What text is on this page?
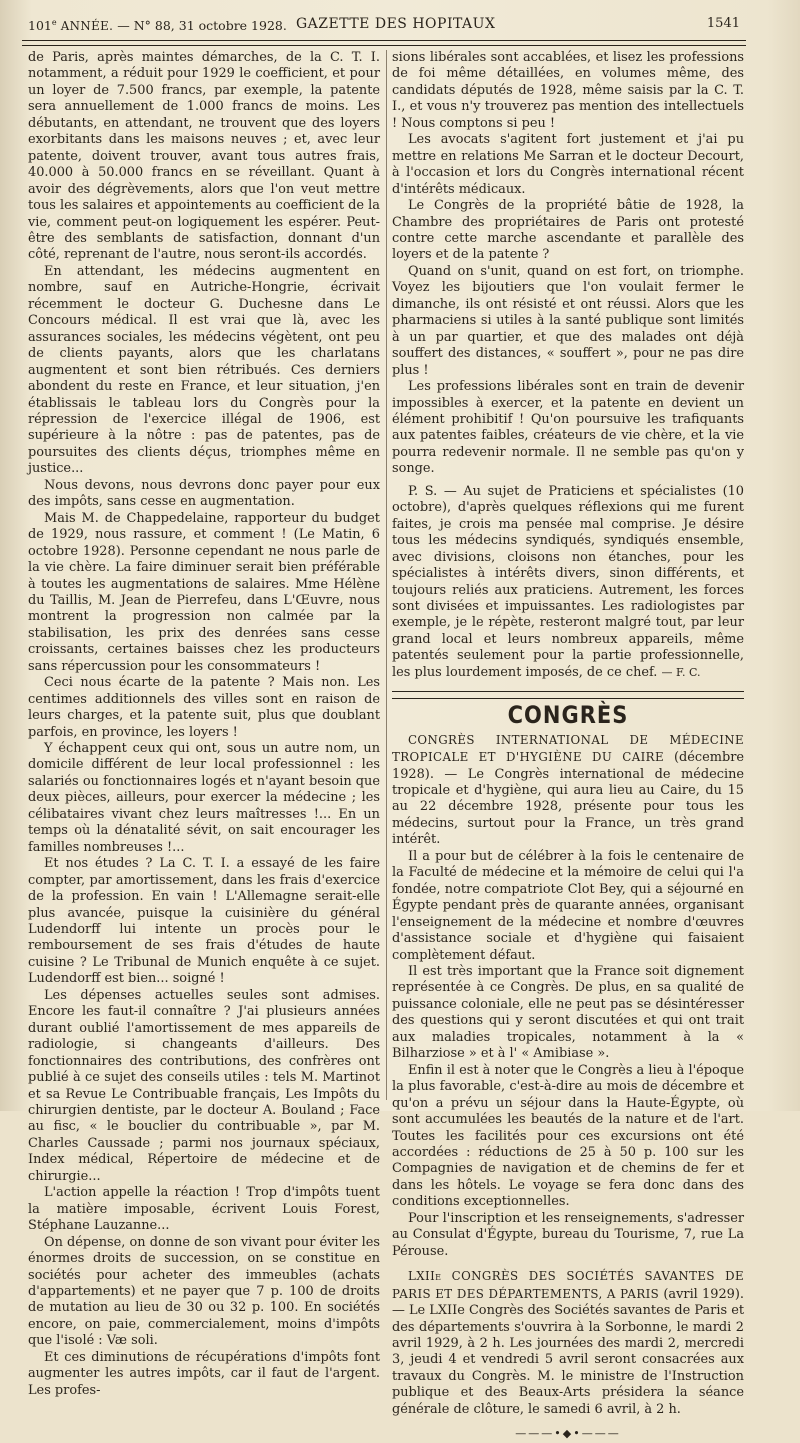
101e ANNÉE. — N° 88, 31 octobre 1928. GAZETTE DES HOPITAUX	1541

de Paris, après maintes démarches, de la C. T. I. notamment, a réduit pour 1929 le coefficient, et pour un loyer de 7.500 francs, par exemple, la patente sera annuellement de 1.000 francs de moins. Les débutants, en attendant, ne trouvent que des loyers exorbitants dans les maisons neuves ; et, avec leur patente, doivent trouver, avant tous autres frais, 40.000 à 50.000 francs en se réveillant. Quant à avoir des dégrèvements, alors que l'on veut mettre tous les salaires et appointements au coefficient de la vie, comment peut-on logiquement les espérer. Peut-être des semblants de satisfaction, donnant d'un côté, reprenant de l'autre, nous seront-ils accordés.

En attendant, les médecins augmentent en nombre, sauf en Autriche-Hongrie, écrivait récemment le docteur G. Duchesne dans Le Concours médical. Il est vrai que là, avec les assurances sociales, les médecins végètent, ont peu de clients payants, alors que les charlatans augmentent et sont bien rétribués. Ces derniers abondent du reste en France, et leur situation, j'en établissais le tableau lors du Congrès pour la répression de l'exercice illégal de 1906, est supérieure à la nôtre : pas de patentes, pas de poursuites des clients déçus, triomphes même en justice...

Nous devons, nous devrons donc payer pour eux des impôts, sans cesse en augmentation.

Mais M. de Chappedelaine, rapporteur du budget de 1929, nous rassure, et comment ! (Le Matin, 6 octobre 1928). Personne cependant ne nous parle de la vie chère. La faire diminuer serait bien préférable à toutes les augmentations de salaires. Mme Hélène du Taillis, M. Jean de Pierrefeu, dans L'Œuvre, nous montrent la progression non calmée par la stabilisation, les prix des denrées sans cesse croissants, certaines baisses chez les producteurs sans répercussion pour les consommateurs !

Ceci nous écarte de la patente ? Mais non. Les centimes additionnels des villes sont en raison de leurs charges, et la patente suit, plus que doublant parfois, en province, les loyers !

Y échappent ceux qui ont, sous un autre nom, un domicile différent de leur local professionnel : les salariés ou fonctionnaires logés et n'ayant besoin que deux pièces, ailleurs, pour exercer la médecine ; les célibataires vivant chez leurs maîtresses !... En un temps où la dénatalité sévit, on sait encourager les familles nombreuses !...

Et nos études ? La C. T. I. a essayé de les faire compter, par amortissement, dans les frais d'exercice de la profession. En vain ! L'Allemagne serait-elle plus avancée, puisque la cuisinière du général Ludendorff lui intente un procès pour le remboursement de ses frais d'études de haute cuisine ? Le Tribunal de Munich enquête à ce sujet. Ludendorff est bien... soigné !

Les dépenses actuelles seules sont admises. Encore les faut-il connaître ? J'ai plusieurs années durant oublié l'amortissement de mes appareils de radiologie, si changeants d'ailleurs. Des fonctionnaires des contributions, des confrères ont publié à ce sujet des conseils utiles : tels M. Martinot et sa Revue Le Contribuable français, Les Impôts du chirurgien dentiste, par le docteur A. Bouland ; Face au fisc, « le bouclier du contribuable », par M. Charles Caussade ; parmi nos journaux spéciaux, Index médical, Répertoire de médecine et de chirurgie...

L'action appelle la réaction ! Trop d'impôts tuent la matière imposable, écrivent Louis Forest, Stéphane Lauzanne...

On dépense, on donne de son vivant pour éviter les énormes droits de succession, on se constitue en sociétés pour acheter des immeubles (achats d'appartements) et ne payer que 7 p. 100 de droits de mutation au lieu de 30 ou 32 p. 100. En sociétés encore, on paie, commercialement, moins d'impôts que l'isolé : Væ soli.

Et ces diminutions de récupérations d'impôts font augmenter les autres impôts, car il faut de l'argent. Les profes-

sions libérales sont accablées, et lisez les professions de foi même détaillées, en volumes même, des candidats députés de 1928, même saisis par la C. T. I., et vous n'y trouverez pas mention des intellectuels ! Nous comptons si peu !

Les avocats s'agitent fort justement et j'ai pu mettre en relations Me Sarran et le docteur Decourt, à l'occasion et lors du Congrès international récent d'intérêts médicaux.

Le Congrès de la propriété bâtie de 1928, la Chambre des propriétaires de Paris ont protesté contre cette marche ascendante et parallèle des loyers et de la patente ?

Quand on s'unit, quand on est fort, on triomphe. Voyez les bijoutiers que l'on voulait fermer le dimanche, ils ont résisté et ont réussi. Alors que les pharmaciens si utiles à la santé publique sont limités à un par quartier, et que des malades ont déjà souffert des distances, « souffert », pour ne pas dire plus !

Les professions libérales sont en train de devenir impossibles à exercer, et la patente en devient un élément prohibitif ! Qu'on poursuive les trafiquants aux patentes faibles, créateurs de vie chère, et la vie pourra redevenir normale. Il ne semble pas qu'on y songe.

P. S. — Au sujet de Praticiens et spécialistes (10 octobre), d'après quelques réflexions qui me furent faites, je crois ma pensée mal comprise. Je désire tous les médecins syndiqués, syndiqués ensemble, avec divisions, cloisons non étanches, pour les spécialistes à intérêts divers, sinon différents, et toujours reliés aux praticiens. Autrement, les forces sont divisées et impuissantes. Les radiologistes par exemple, je le répète, resteront malgré tout, par leur grand local et leurs nombreux appareils, même patentés seulement pour la partie professionnelle, les plus lourdement imposés, de ce chef. — F. C.

CONGRÈS

CONGRÈS INTERNATIONAL DE MÉDECINE TROPICALE ET D'HYGIÈNE DU CAIRE (décembre 1928). — Le Congrès international de médecine tropicale et d'hygiène, qui aura lieu au Caire, du 15 au 22 décembre 1928, présente pour tous les médecins, surtout pour la France, un très grand intérêt.

Il a pour but de célébrer à la fois le centenaire de la Faculté de médecine et la mémoire de celui qui l'a fondée, notre compatriote Clot Bey, qui a séjourné en Égypte pendant près de quarante années, organisant l'enseignement de la médecine et nombre d'œuvres d'assistance sociale et d'hygiène qui faisaient complètement défaut.

Il est très important que la France soit dignement représentée à ce Congrès. De plus, en sa qualité de puissance coloniale, elle ne peut pas se désintéresser des questions qui y seront discutées et qui ont trait aux maladies tropicales, notamment à la « Bilharziose » et à l' « Amibiase ».

Enfin il est à noter que le Congrès a lieu à l'époque la plus favorable, c'est-à-dire au mois de décembre et qu'on a prévu un séjour dans la Haute-Égypte, où sont accumulées les beautés de la nature et de l'art. Toutes les facilités pour ces excursions ont été accordées : réductions de 25 à 50 p. 100 sur les Compagnies de navigation et de chemins de fer et dans les hôtels. Le voyage se fera donc dans des conditions exceptionnelles.

Pour l'inscription et les renseignements, s'adresser au Consulat d'Égypte, bureau du Tourisme, 7, rue La Pérouse.

LXIIe CONGRÈS DES SOCIÉTÉS SAVANTES DE PARIS ET DES DÉPARTEMENTS, A PARIS (avril 1929). — Le LXIIe Congrès des Sociétés savantes de Paris et des départements s'ouvrira à la Sorbonne, le mardi 2 avril 1929, à 2 h. Les journées des mardi 2, mercredi 3, jeudi 4 et vendredi 5 avril seront consacrées aux travaux du Congrès. M. le ministre de l'Instruction publique et des Beaux-Arts présidera la séance générale de clôture, le samedi 6 avril, à 2 h.

———•◆•———
